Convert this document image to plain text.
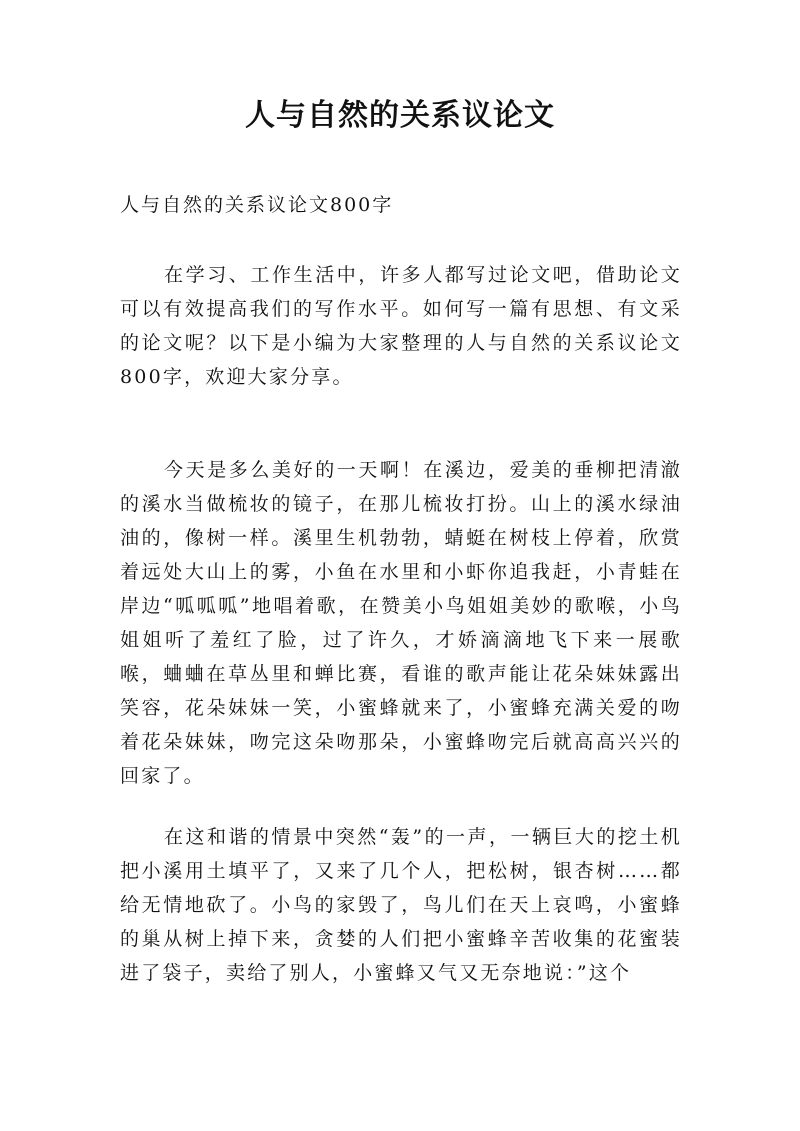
人与自然的关系议论文
人与自然的关系议论文800字

在学习、工作生活中，许多人都写过论文吧，借助论文可以有效提高我们的写作水平。如何写一篇有思想、有文采的论文呢？以下是小编为大家整理的人与自然的关系议论文800字，欢迎大家分享。

今天是多么美好的一天啊！在溪边，爱美的垂柳把清澈的溪水当做梳妆的镜子，在那儿梳妆打扮。山上的溪水绿油油的，像树一样。溪里生机勃勃，蜻蜓在树枝上停着，欣赏着远处大山上的雾，小鱼在水里和小虾你追我赶，小青蛙在岸边“呱呱呱”地唱着歌，在赞美小鸟姐姐美妙的歌喉，小鸟姐姐听了羞红了脸，过了许久，才娇滴滴地飞下来一展歌喉，蛐蛐在草丛里和蝉比赛，看谁的歌声能让花朵妹妹露出笑容，花朵妹妹一笑，小蜜蜂就来了，小蜜蜂充满关爱的吻着花朵妹妹，吻完这朵吻那朵，小蜜蜂吻完后就高高兴兴的回家了。

在这和谐的情景中突然“轰”的一声，一辆巨大的挖土机把小溪用土填平了，又来了几个人，把松树，银杏树……都给无情地砍了。小鸟的家毁了，鸟儿们在天上哀鸣，小蜜蜂的巢从树上掉下来，贪婪的人们把小蜜蜂辛苦收集的花蜜装进了袋子，卖给了别人，小蜜蜂又气又无奈地说：”这个
